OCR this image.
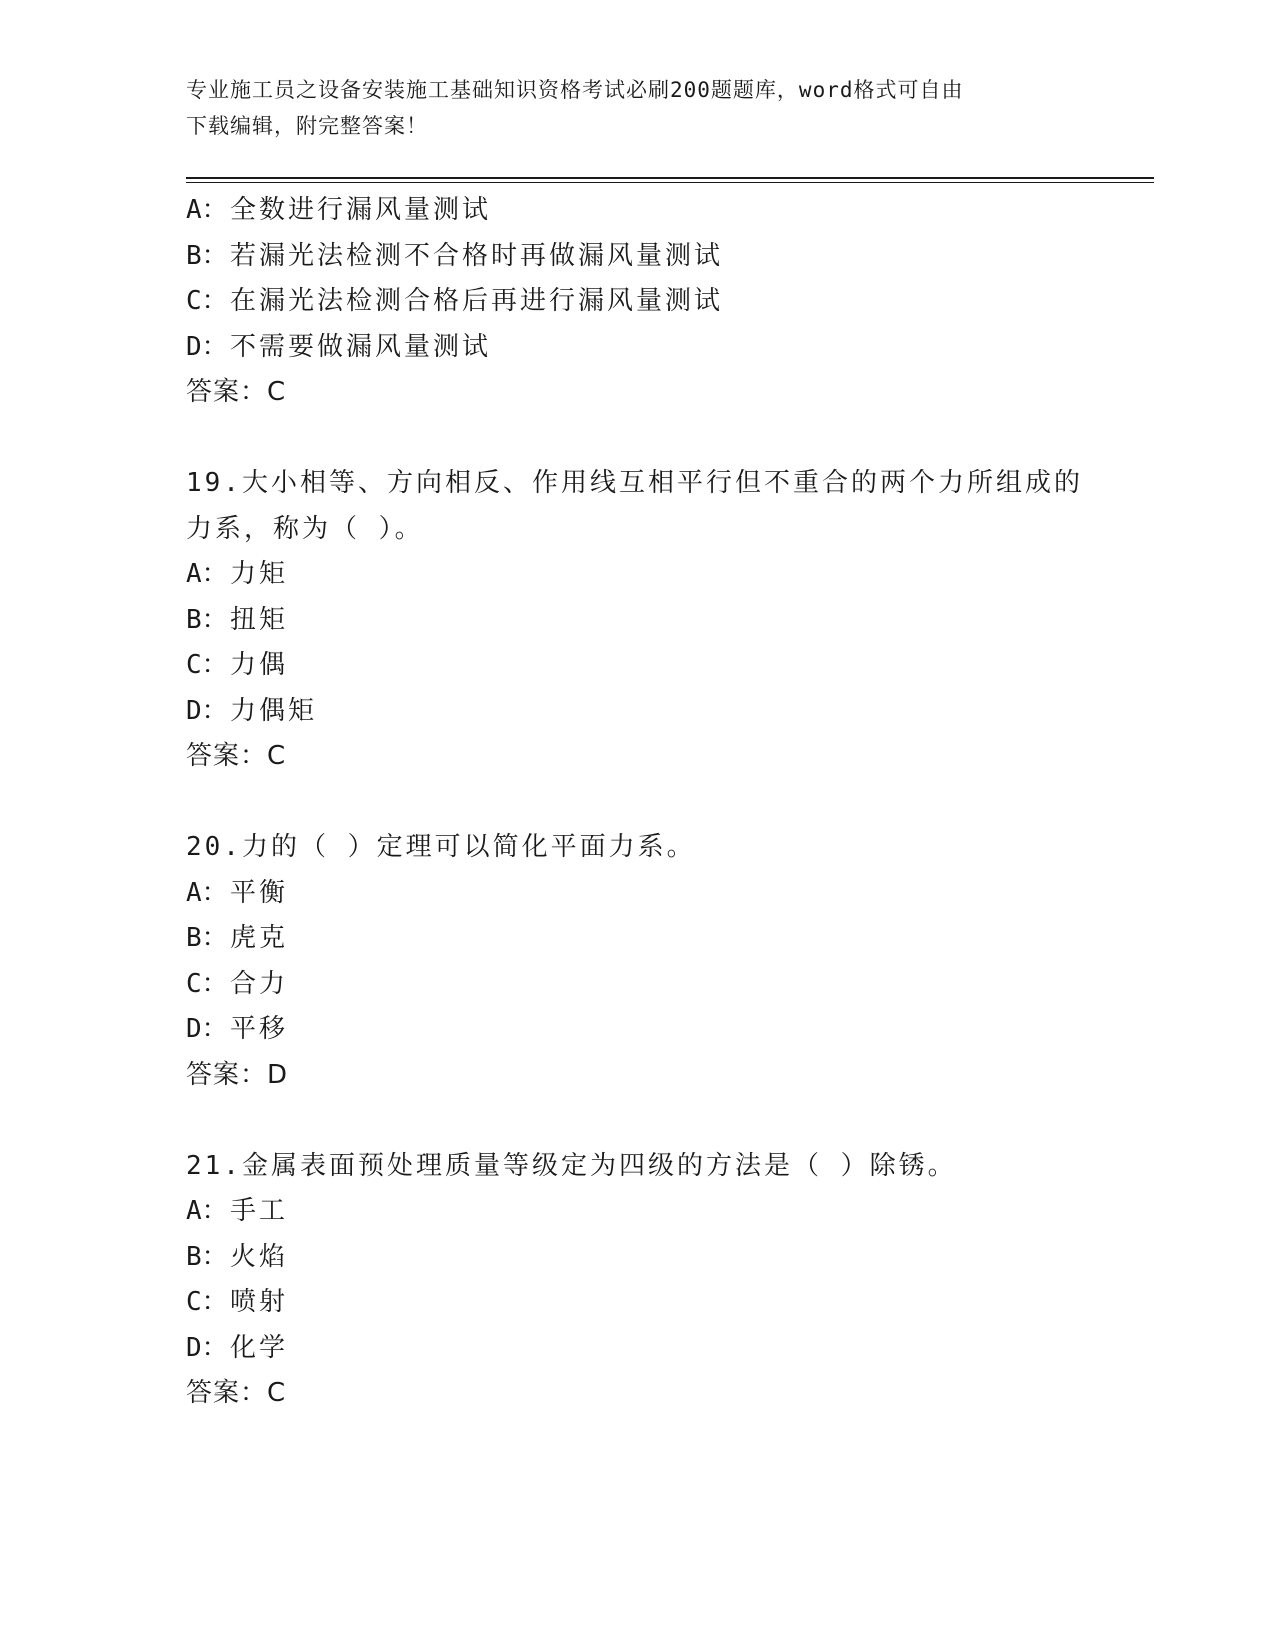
专业施工员之设备安装施工基础知识资格考试必刷200题题库，word格式可自由
下载编辑，附完整答案！
A：全数进行漏风量测试
B：若漏光法检测不合格时再做漏风量测试
C：在漏光法检测合格后再进行漏风量测试
D：不需要做漏风量测试
答案：C
19.大小相等、方向相反、作用线互相平行但不重合的两个力所组成的
力系，称为（ ）。
A：力矩
B：扭矩
C：力偶
D：力偶矩
答案：C
20.力的（ ）定理可以简化平面力系。
A：平衡
B：虎克
C：合力
D：平移
答案：D
21.金属表面预处理质量等级定为四级的方法是（ ）除锈。
A：手工
B：火焰
C：喷射
D：化学
答案：C
